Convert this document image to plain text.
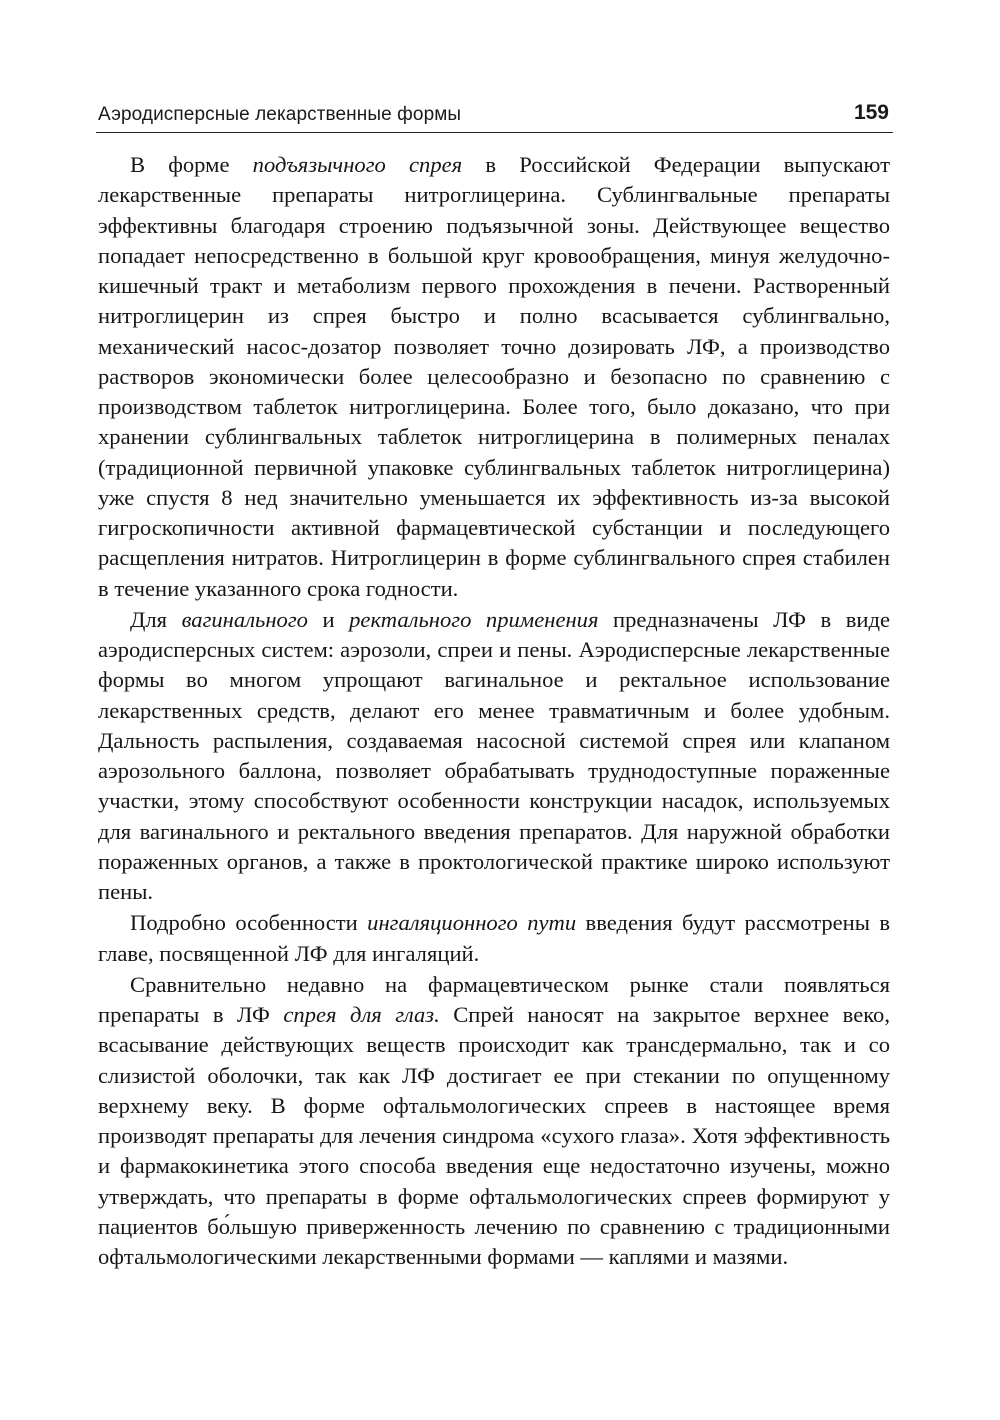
Аэродисперсные лекарственные формы	159

В форме подъязычного спрея в Российской Федерации выпускают лекарственные препараты нитроглицерина. Сублингвальные препараты эффективны благодаря строению подъязычной зоны. Действующее вещество попадает непосредственно в большой круг кровообращения, минуя желудочно-кишечный тракт и метаболизм первого прохождения в печени. Растворенный нитроглицерин из спрея быстро и полно всасывается сублингвально, механический насос-дозатор позволяет точно дозировать ЛФ, а производство растворов экономически более целесообразно и безопасно по сравнению с производством таблеток нитроглицерина. Более того, было доказано, что при хранении сублингвальных таблеток нитроглицерина в полимерных пеналах (традиционной первичной упаковке сублингвальных таблеток нитроглицерина) уже спустя 8 нед значительно уменьшается их эффективность из-за высокой гигроскопичности активной фармацевтической субстанции и последующего расщепления нитратов. Нитроглицерин в форме сублингвального спрея стабилен в течение указанного срока годности.

Для вагинального и ректального применения предназначены ЛФ в виде аэродисперсных систем: аэрозоли, спреи и пены. Аэродисперсные лекарственные формы во многом упрощают вагинальное и ректальное использование лекарственных средств, делают его менее травматичным и более удобным. Дальность распыления, создаваемая насосной системой спрея или клапаном аэрозольного баллона, позволяет обрабатывать труднодоступные пораженные участки, этому способствуют особенности конструкции насадок, используемых для вагинального и ректального введения препаратов. Для наружной обработки пораженных органов, а также в проктологической практике широко используют пены.

Подробно особенности ингаляционного пути введения будут рассмотрены в главе, посвященной ЛФ для ингаляций.

Сравнительно недавно на фармацевтическом рынке стали появляться препараты в ЛФ спрея для глаз. Спрей наносят на закрытое верхнее веко, всасывание действующих веществ происходит как трансдермально, так и со слизистой оболочки, так как ЛФ достигает ее при стекании по опущенному верхнему веку. В форме офтальмологических спреев в настоящее время производят препараты для лечения синдрома «сухого глаза». Хотя эффективность и фармакокинетика этого способа введения еще недостаточно изучены, можно утверждать, что препараты в форме офтальмологических спреев формируют у пациентов бо́льшую приверженность лечению по сравнению с традиционными офтальмологическими лекарственными формами — каплями и мазями.
